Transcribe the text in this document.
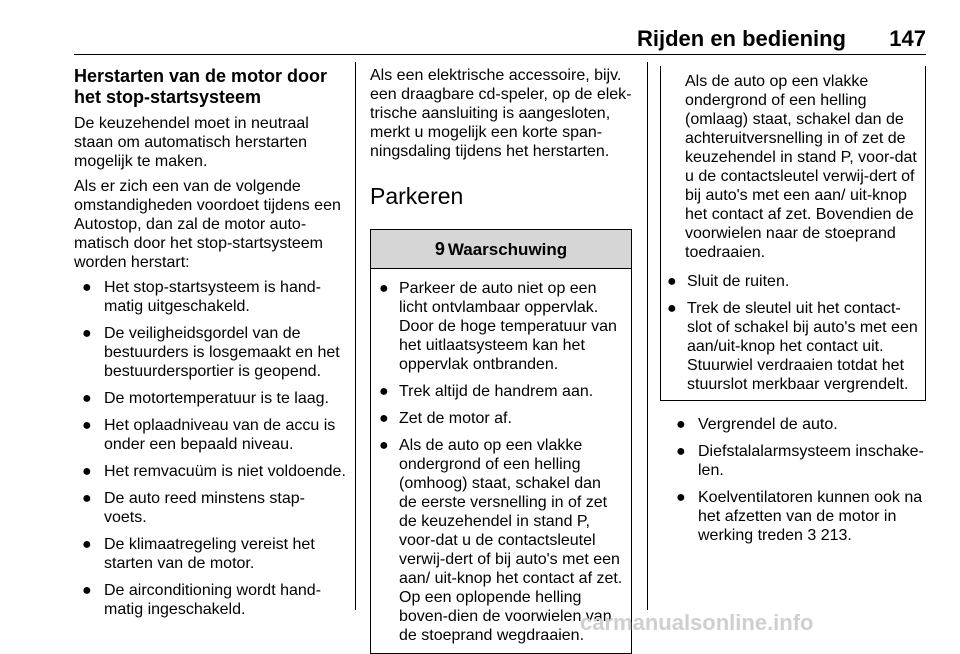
Rijden en bediening 147
Herstarten van de motor door het stop-startsysteem

De keuzehendel moet in neutraal staan om automatisch herstarten mogelijk te maken.

Als er zich een van de volgende omstandigheden voordoet tijdens een Autostop, dan zal de motor auto-matisch door het stop-startsysteem worden herstart:

● Het stop-startsysteem is hand-matig uitgeschakeld.
● De veiligheidsgordel van de bestuurders is losgemaakt en het bestuurdersportier is geopend.
● De motortemperatuur is te laag.
● Het oplaadniveau van de accu is onder een bepaald niveau.
● Het remvacuüm is niet voldoende.
● De auto reed minstens stap-voets.
● De klimaatregeling vereist het starten van de motor.
● De airconditioning wordt hand-matig ingeschakeld.

Als een elektrische accessoire, bijv. een draagbare cd-speler, op de elek-trische aansluiting is aangesloten, merkt u mogelijk een korte span-ningsdaling tijdens het herstarten.

Parkeren
9 Waarschuwing
● Parkeer de auto niet op een licht ontvlambaar oppervlak. Door de hoge temperatuur van het uitlaatsysteem kan het oppervlak ontbranden.
● Trek altijd de handrem aan.
● Zet de motor af.
● Als de auto op een vlakke ondergrond of een helling (omhoog) staat, schakel dan de eerste versnelling in of zet de keuzehendel in stand P, voor-dat u de contactsleutel verwij-dert of bij auto's met een aan/ uit-knop het contact af zet. Op een oplopende helling boven-dien de voorwielen van de stoeprand wegdraaien.
Als de auto op een vlakke ondergrond of een helling (omlaag) staat, schakel dan de achteruitversnelling in of zet de keuzehendel in stand P, voor-dat u de contactsleutel verwij-dert of bij auto's met een aan/ uit-knop het contact af zet. Bovendien de voorwielen naar de stoeprand toedraaien.
● Sluit de ruiten.
● Trek de sleutel uit het contact-slot of schakel bij auto's met een aan/uit-knop het contact uit. Stuurwiel verdraaien totdat het stuurslot merkbaar vergrendelt.
● Vergrendel de auto.
● Diefstalalarmsysteem inschake-len.
● Koelventilatoren kunnen ook na het afzetten van de motor in werking treden 3 213.
carmanualsonline.info
